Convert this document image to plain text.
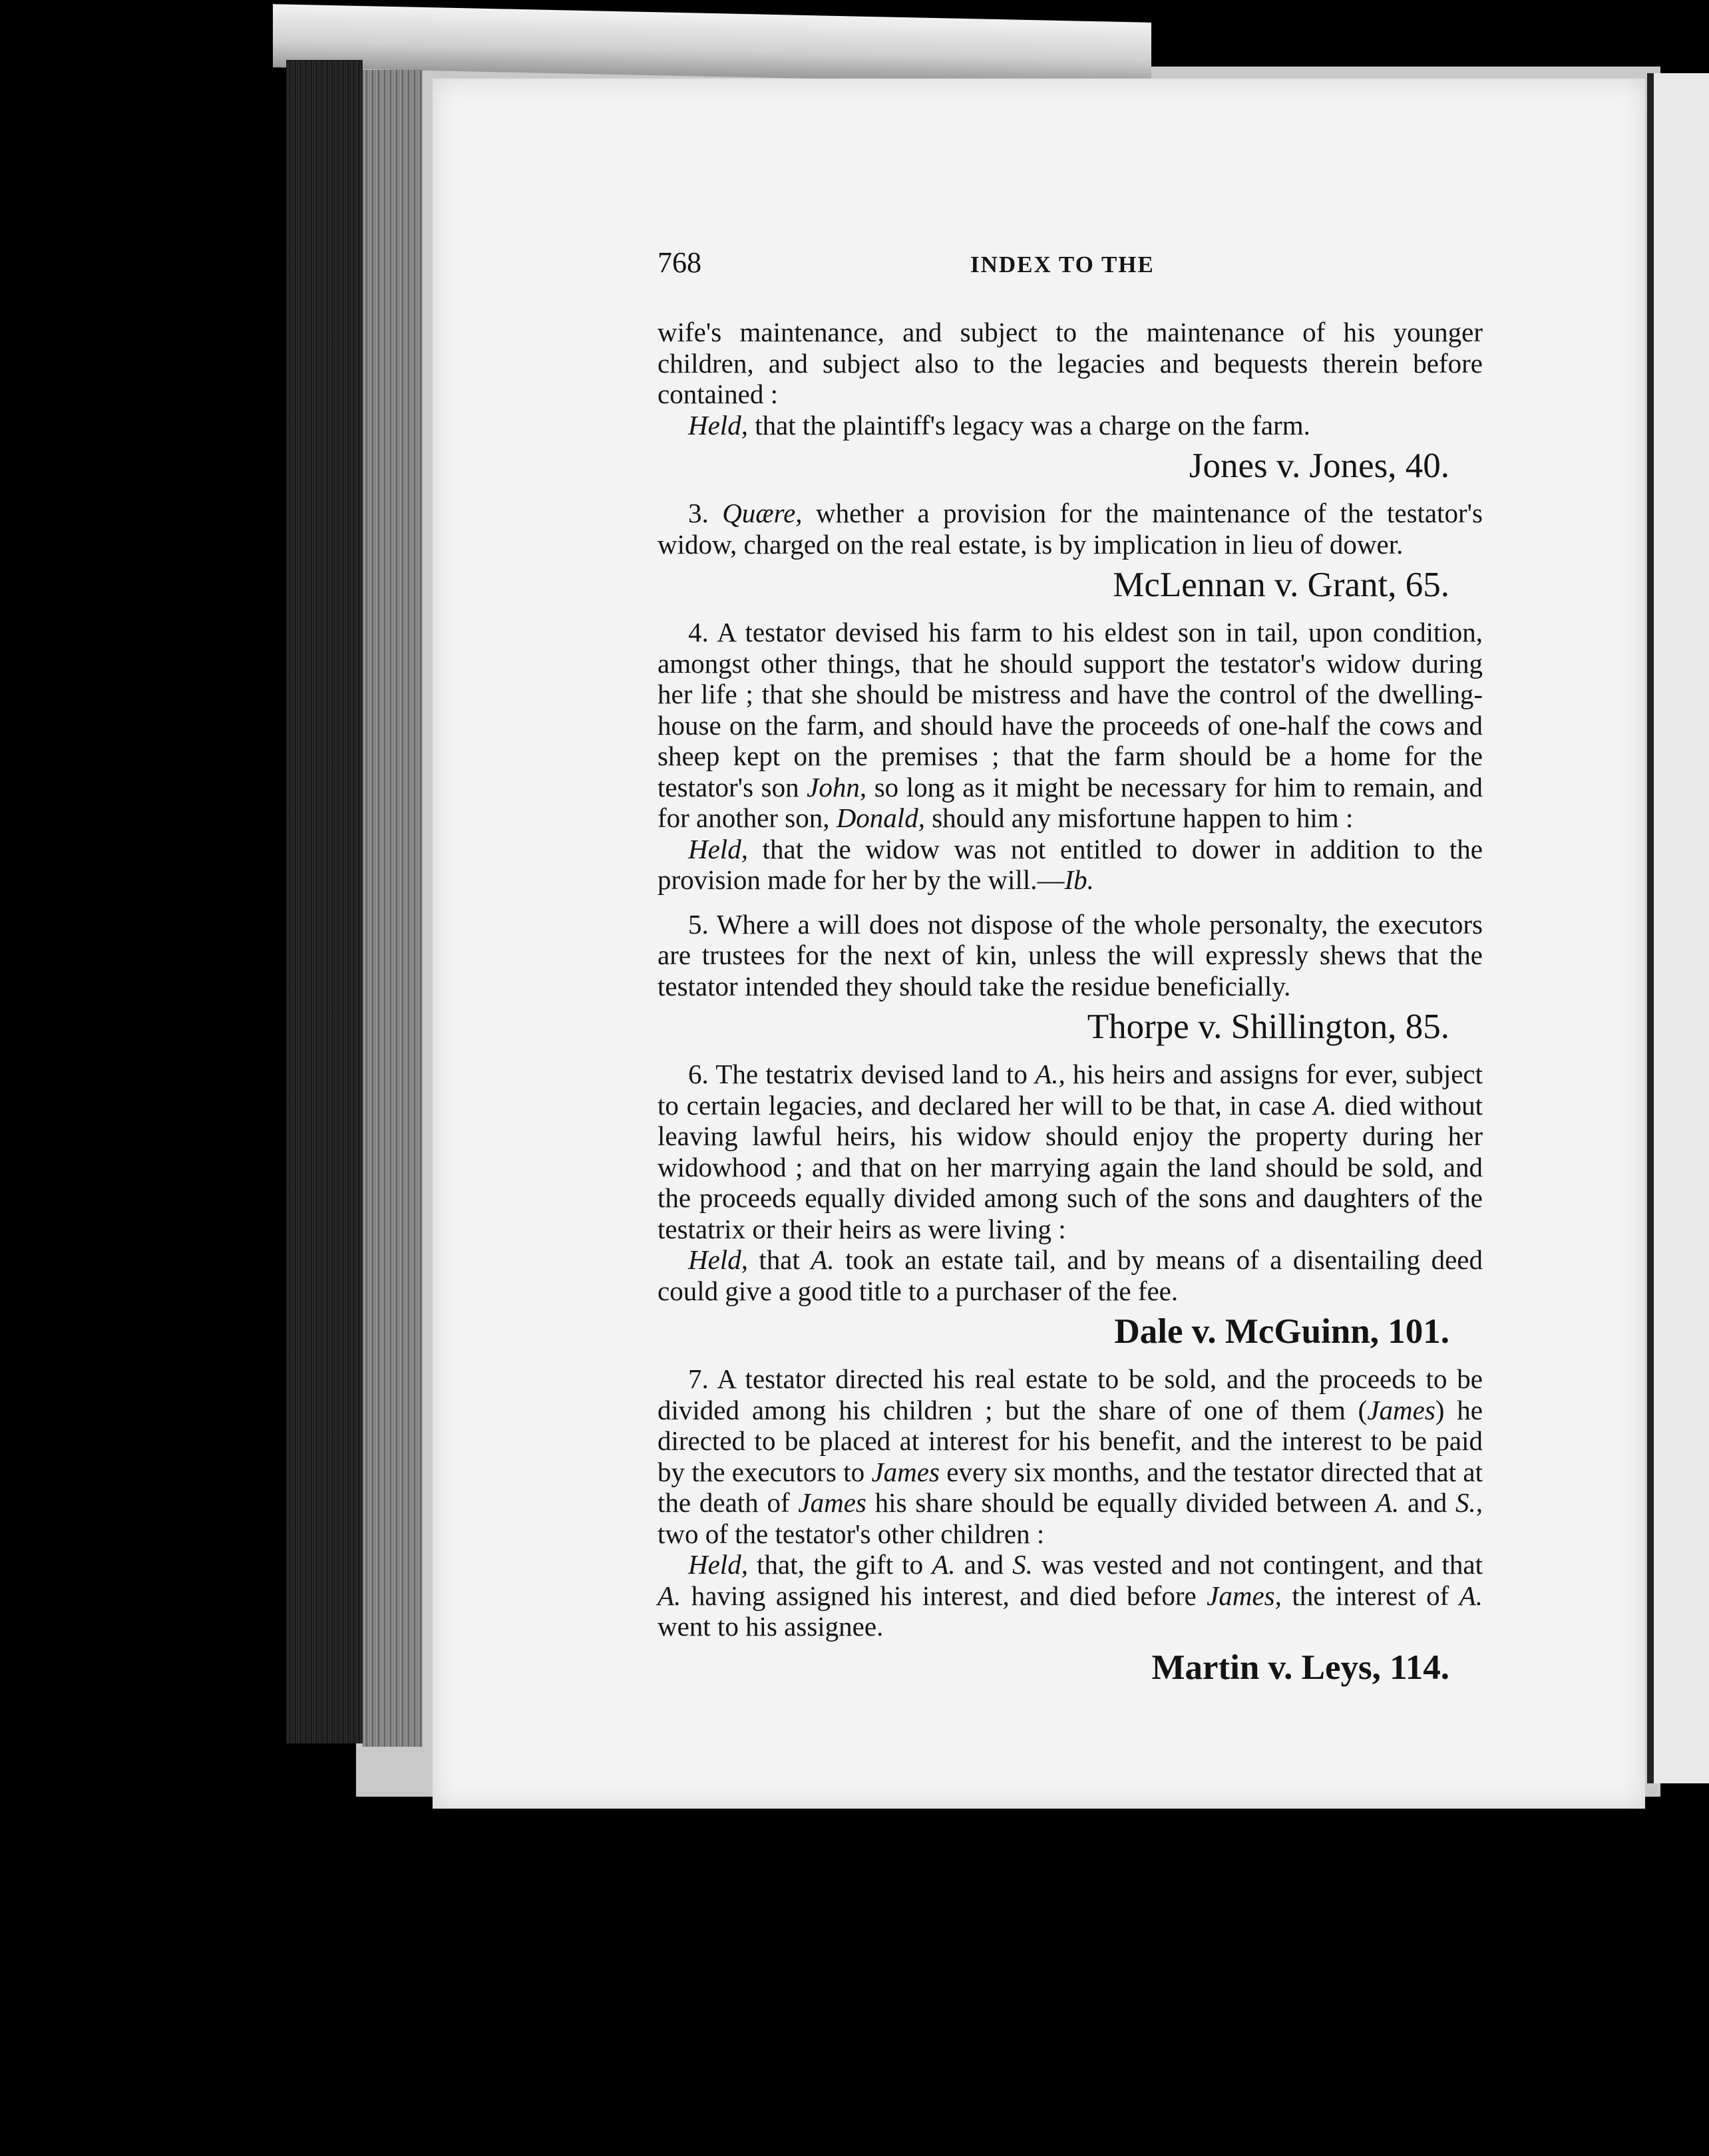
768	INDEX TO THE

wife's maintenance, and subject to the maintenance of his younger children, and subject also to the legacies and bequests therein before contained :

Held, that the plaintiff's legacy was a charge on the farm.

Jones v. Jones, 40.

3. Quære, whether a provision for the maintenance of the testator's widow, charged on the real estate, is by implication in lieu of dower.

McLennan v. Grant, 65.

4. A testator devised his farm to his eldest son in tail, upon condition, amongst other things, that he should support the testator's widow during her life ; that she should be mistress and have the control of the dwelling-house on the farm, and should have the proceeds of one-half the cows and sheep kept on the premises ; that the farm should be a home for the testator's son John, so long as it might be necessary for him to remain, and for another son, Donald, should any misfortune happen to him :

Held, that the widow was not entitled to dower in addition to the provision made for her by the will.—Ib.

5. Where a will does not dispose of the whole personalty, the executors are trustees for the next of kin, unless the will expressly shews that the testator intended they should take the residue beneficially.

Thorpe v. Shillington, 85.

6. The testatrix devised land to A., his heirs and assigns for ever, subject to certain legacies, and declared her will to be that, in case A. died without leaving lawful heirs, his widow should enjoy the property during her widowhood ; and that on her marrying again the land should be sold, and the proceeds equally divided among such of the sons and daughters of the testatrix or their heirs as were living :

Held, that A. took an estate tail, and by means of a disentailing deed could give a good title to a purchaser of the fee.

Dale v. McGuinn, 101.

7. A testator directed his real estate to be sold, and the proceeds to be divided among his children ; but the share of one of them (James) he directed to be placed at interest for his benefit, and the interest to be paid by the executors to James every six months, and the testator directed that at the death of James his share should be equally divided between A. and S., two of the testator's other children :

Held, that, the gift to A. and S. was vested and not contingent, and that A. having assigned his interest, and died before James, the interest of A. went to his assignee.

Martin v. Leys, 114.
